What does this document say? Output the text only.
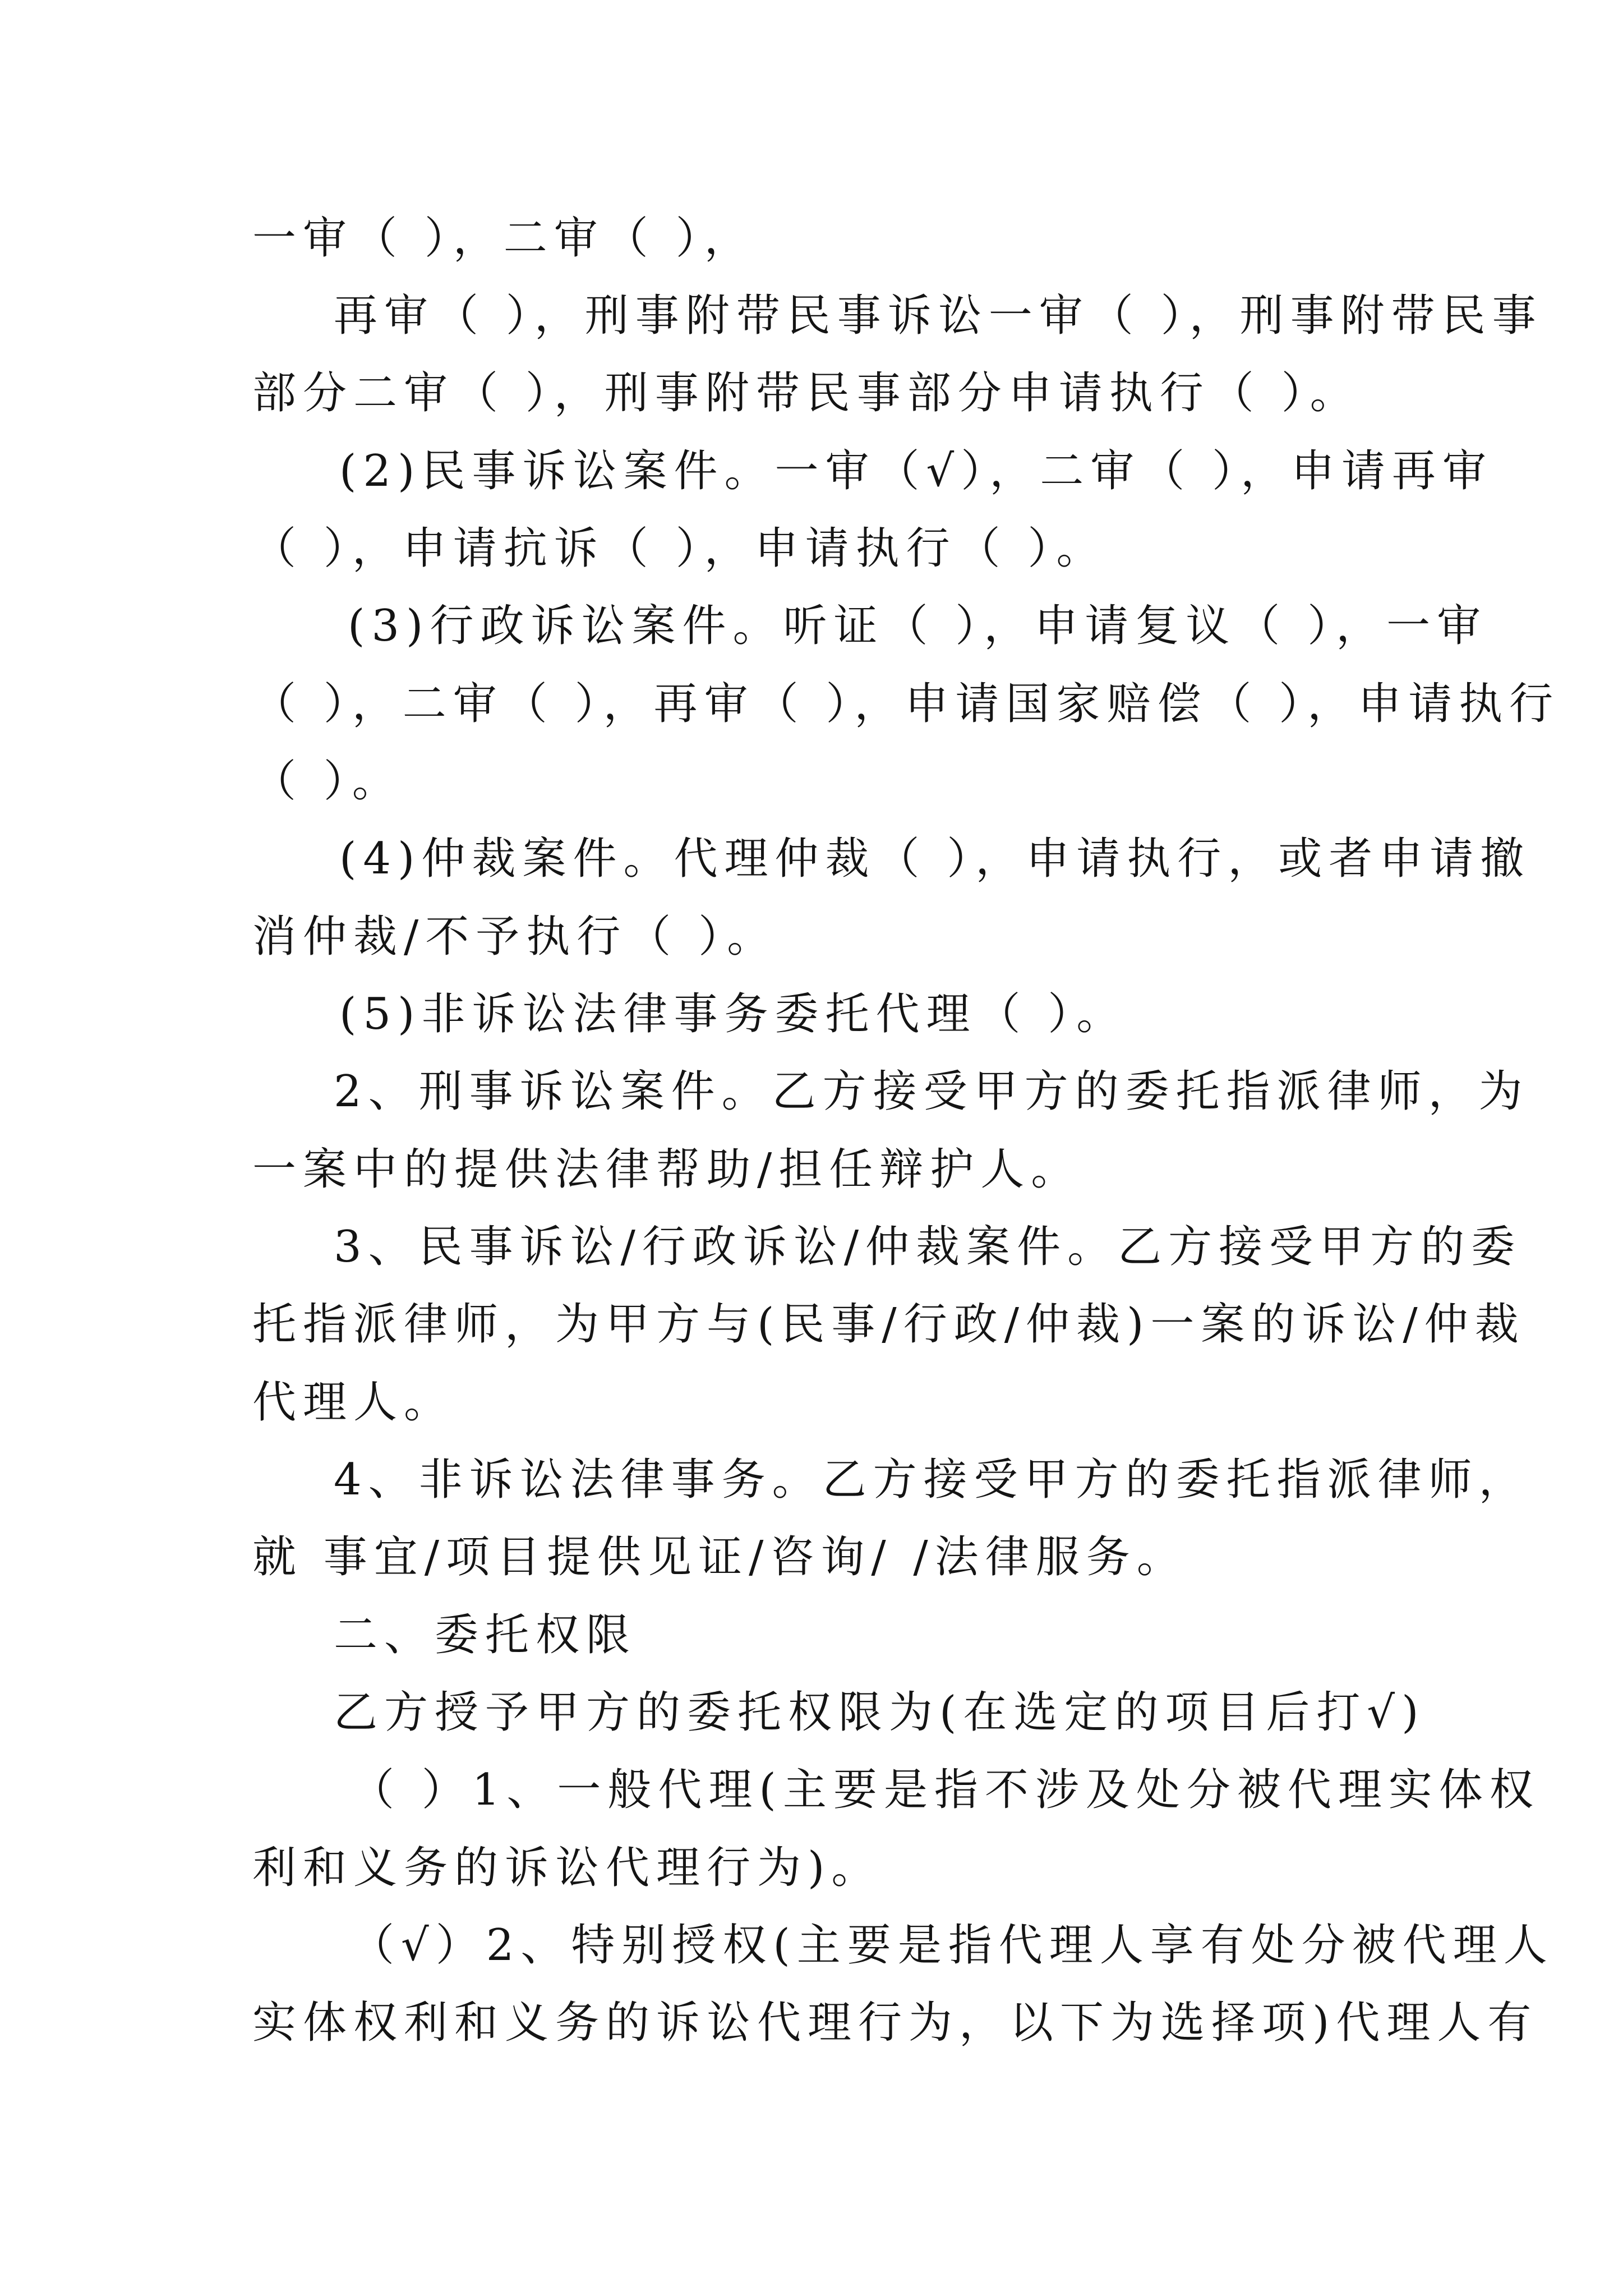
一审（ ），二审（ ），
再审（ ），刑事附带民事诉讼一审（ ），刑事附带民事
部分二审（ ），刑事附带民事部分申请执行（ ）。
(2)民事诉讼案件。一审（√），二审（ ），申请再审
（ ），申请抗诉（ ），申请执行（ ）。
(3)行政诉讼案件。听证（ ），申请复议（ ），一审
（ ），二审（ ），再审（ ），申请国家赔偿（ ），申请执行
（ ）。
(4)仲裁案件。代理仲裁（ ），申请执行，或者申请撤
消仲裁/不予执行（ ）。
(5)非诉讼法律事务委托代理（ ）。
2、刑事诉讼案件。乙方接受甲方的委托指派律师，为
一案中的提供法律帮助/担任辩护人。
3、民事诉讼/行政诉讼/仲裁案件。乙方接受甲方的委
托指派律师，为甲方与(民事/行政/仲裁)一案的诉讼/仲裁
代理人。
4、非诉讼法律事务。乙方接受甲方的委托指派律师，
就 事宜/项目提供见证/咨询/ /法律服务。
二、委托权限
乙方授予甲方的委托权限为(在选定的项目后打√)
（ ）1、一般代理(主要是指不涉及处分被代理实体权
利和义务的诉讼代理行为)。
（√）2、特别授权(主要是指代理人享有处分被代理人
实体权利和义务的诉讼代理行为，以下为选择项)代理人有
